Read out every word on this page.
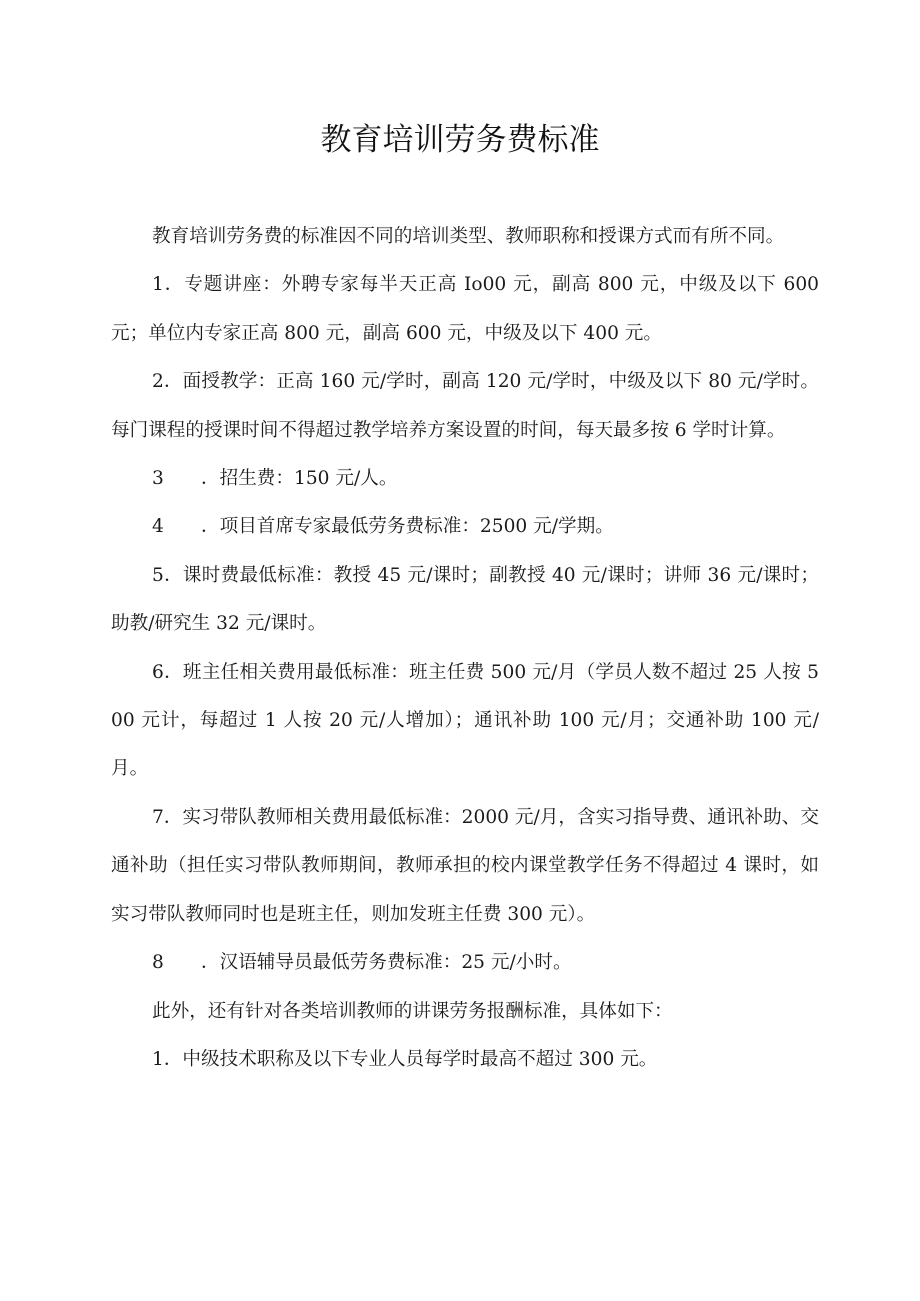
教育培训劳务费标准

教育培训劳务费的标准因不同的培训类型、教师职称和授课方式而有所不同。

1．专题讲座：外聘专家每半天正高 Io00 元，副高 800 元，中级及以下 600 元；单位内专家正高 800 元，副高 600 元，中级及以下 400 元。

2．面授教学：正高 160 元/学时，副高 120 元/学时，中级及以下 80 元/学时。每门课程的授课时间不得超过教学培养方案设置的时间，每天最多按 6 学时计算。

3　　．招生费：150 元/人。

4　　．项目首席专家最低劳务费标准：2500 元/学期。

5．课时费最低标准：教授 45 元/课时；副教授 40 元/课时；讲师 36 元/课时；助教/研究生 32 元/课时。

6．班主任相关费用最低标准：班主任费 500 元/月（学员人数不超过 25 人按 500 元计，每超过 1 人按 20 元/人增加）；通讯补助 100 元/月；交通补助 100 元/月。

7．实习带队教师相关费用最低标准：2000 元/月，含实习指导费、通讯补助、交通补助（担任实习带队教师期间，教师承担的校内课堂教学任务不得超过 4 课时，如实习带队教师同时也是班主任，则加发班主任费 300 元）。

8　　．汉语辅导员最低劳务费标准：25 元/小时。

此外，还有针对各类培训教师的讲课劳务报酬标准，具体如下：

1．中级技术职称及以下专业人员每学时最高不超过 300 元。
